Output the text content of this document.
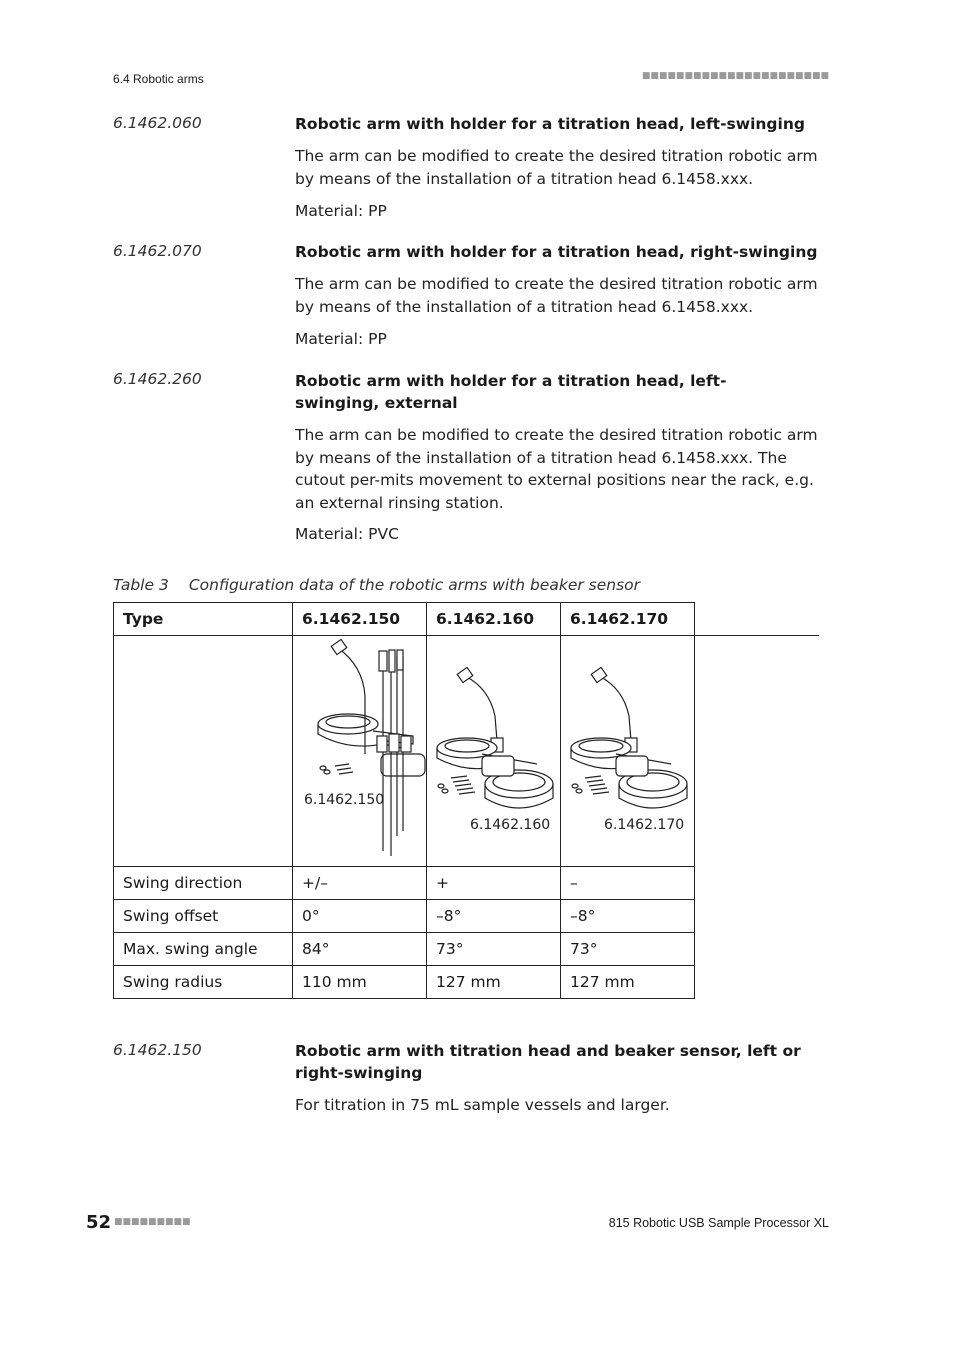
6.4 Robotic arms	■■■■■■■■■■■■■■■■■■■■■■
6.1462.060	Robotic arm with holder for a titration head, left-swinging
The arm can be modified to create the desired titration robotic arm by means of the installation of a titration head 6.1458.xxx.
Material: PP
6.1462.070	Robotic arm with holder for a titration head, right-swinging
The arm can be modified to create the desired titration robotic arm by means of the installation of a titration head 6.1458.xxx.
Material: PP
6.1462.260	Robotic arm with holder for a titration head, left-swinging, external
The arm can be modified to create the desired titration robotic arm by means of the installation of a titration head 6.1458.xxx. The cutout per-mits movement to external positions near the rack, e.g. an external rinsing station.
Material: PVC
Table 3 Configuration data of the robotic arms with beaker sensor
Type	6.1462.150	6.1462.160	6.1462.170	

	6.1462.150	6.1462.160	6.1462.170	

Swing direction	+/–	+	–	
Swing offset	0°	–8°	–8°	
Max. swing angle	84°	73°	73°	
Swing radius	110 mm	127 mm	127 mm	
6.1462.150	Robotic arm with titration head and beaker sensor, left or right-swinging
For titration in 75 mL sample vessels and larger.
52 ■■■■■■■■■	815 Robotic USB Sample Processor XL
